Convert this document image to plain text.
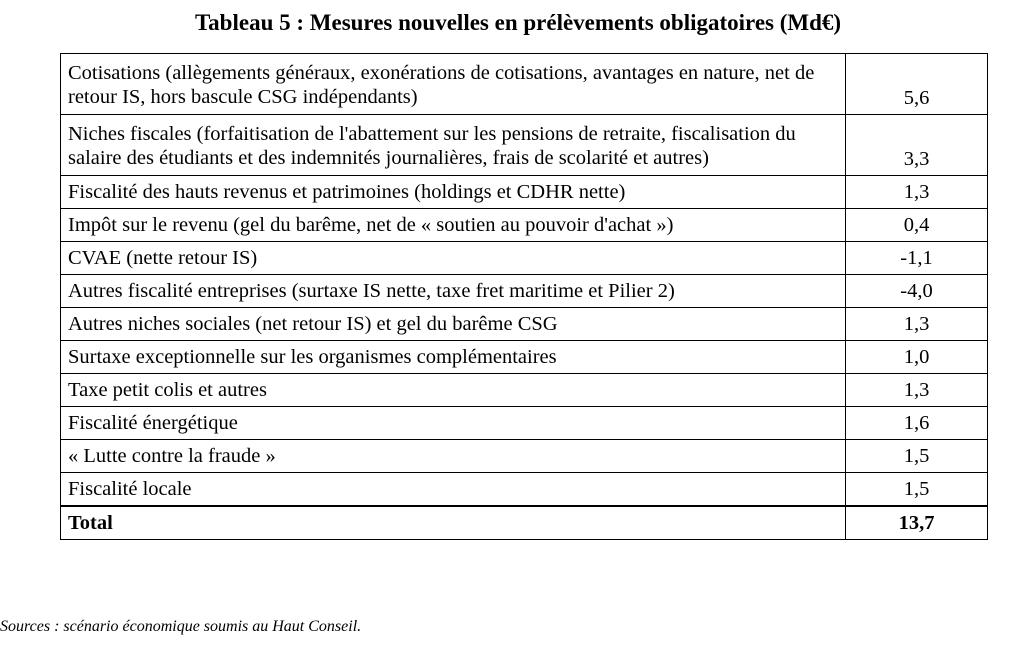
Tableau 5 : Mesures nouvelles en prélèvements obligatoires (Md€)
Cotisations (allègements généraux, exonérations de cotisations, avantages en nature, net de retour IS, hors bascule CSG indépendants)	5,6
Niches fiscales (forfaitisation de l'abattement sur les pensions de retraite, fiscalisation du salaire des étudiants et des indemnités journalières, frais de scolarité et autres)	3,3
Fiscalité des hauts revenus et patrimoines (holdings et CDHR nette)	1,3
Impôt sur le revenu (gel du barême, net de « soutien au pouvoir d'achat »)	0,4
CVAE (nette retour IS)	-1,1
Autres fiscalité entreprises (surtaxe IS nette, taxe fret maritime et Pilier 2)	-4,0
Autres niches sociales (net retour IS) et gel du barême CSG	1,3
Surtaxe exceptionnelle sur les organismes complémentaires	1,0
Taxe petit colis et autres	1,3
Fiscalité énergétique	1,6
« Lutte contre la fraude »	1,5
Fiscalité locale	1,5
Total	13,7
Sources : scénario économique soumis au Haut Conseil.
